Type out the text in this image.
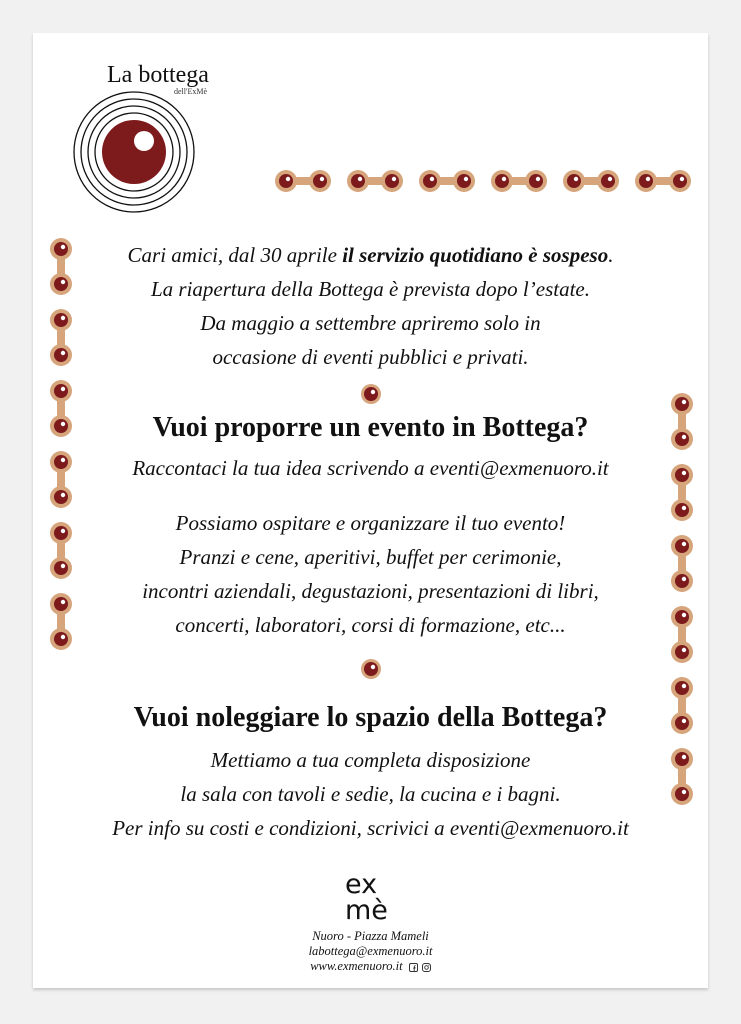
La bottega
dell'ExMè

Cari amici, dal 30 aprile il servizio quotidiano è sospeso.

La riapertura della Bottega è prevista dopo l’estate.

Da maggio a settembre apriremo solo in

occasione di eventi pubblici e privati.

Vuoi proporre un evento in Bottega?

Raccontaci la tua idea scrivendo a eventi@exmenuoro.it

Possiamo ospitare e organizzare il tuo evento!

Pranzi e cene, aperitivi, buffet per cerimonie,

incontri aziendali, degustazioni, presentazioni di libri,

concerti, laboratori, corsi di formazione, etc...

Vuoi noleggiare lo spazio della Bottega?

Mettiamo a tua completa disposizione

la sala con tavoli e sedie, la cucina e i bagni.

Per info su costi e condizioni, scrivici a eventi@exmenuoro.it

ex
mè
Nuoro - Piazza Mameli
labottega@exmenuoro.it
www.exmenuoro.it
